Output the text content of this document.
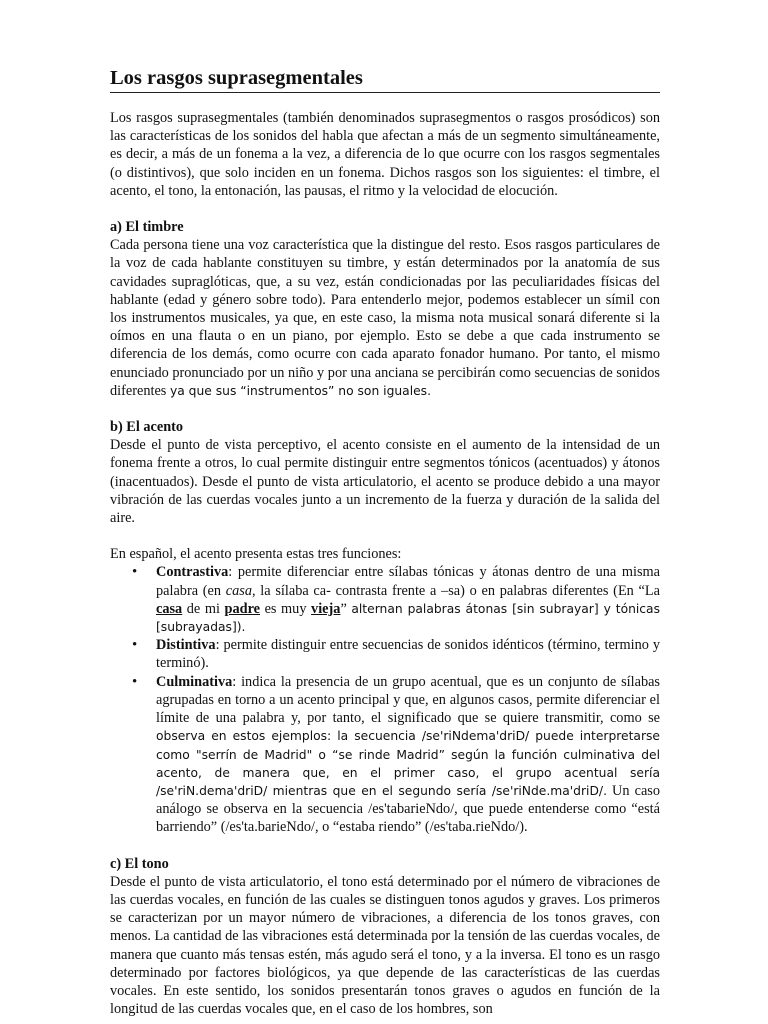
Los rasgos suprasegmentales

Los rasgos suprasegmentales (también denominados suprasegmentos o rasgos prosódicos) son las características de los sonidos del habla que afectan a más de un segmento simultáneamente, es decir, a más de un fonema a la vez, a diferencia de lo que ocurre con los rasgos segmentales (o distintivos), que solo inciden en un fonema. Dichos rasgos son los siguientes: el timbre, el acento, el tono, la entonación, las pausas, el ritmo y la velocidad de elocución.

a) El timbre

Cada persona tiene una voz característica que la distingue del resto. Esos rasgos particulares de la voz de cada hablante constituyen su timbre, y están determinados por la anatomía de sus cavidades supraglóticas, que, a su vez, están condicionadas por las peculiaridades físicas del hablante (edad y género sobre todo). Para entenderlo mejor, podemos establecer un símil con los instrumentos musicales, ya que, en este caso, la misma nota musical sonará diferente si la oímos en una flauta o en un piano, por ejemplo. Esto se debe a que cada instrumento se diferencia de los demás, como ocurre con cada aparato fonador humano. Por tanto, el mismo enunciado pronunciado por un niño y por una anciana se percibirán como secuencias de sonidos diferentes ya que sus “instrumentos” no son iguales.

b) El acento

Desde el punto de vista perceptivo, el acento consiste en el aumento de la intensidad de un fonema frente a otros, lo cual permite distinguir entre segmentos tónicos (acentuados) y átonos (inacentuados). Desde el punto de vista articulatorio, el acento se produce debido a una mayor vibración de las cuerdas vocales junto a un incremento de la fuerza y duración de la salida del aire.

En español, el acento presenta estas tres funciones:

• Contrastiva: permite diferenciar entre sílabas tónicas y átonas dentro de una misma palabra (en casa, la sílaba ca- contrasta frente a –sa) o en palabras diferentes (En “La casa de mi padre es muy vieja” alternan palabras átonas [sin subrayar] y tónicas [subrayadas]).
• Distintiva: permite distinguir entre secuencias de sonidos idénticos (término, termino y terminó).
• Culminativa: indica la presencia de un grupo acentual, que es un conjunto de sílabas agrupadas en torno a un acento principal y que, en algunos casos, permite diferenciar el límite de una palabra y, por tanto, el significado que se quiere transmitir, como se observa en estos ejemplos: la secuencia /se'riNdema'driD/ puede interpretarse como "serrín de Madrid" o “se rinde Madrid” según la función culminativa del acento, de manera que, en el primer caso, el grupo acentual sería /se'riN.dema'driD/ mientras que en el segundo sería /se'riNde.ma'driD/. Un caso análogo se observa en la secuencia /es'tabarieNdo/, que puede entenderse como “está barriendo” (/es'ta.barieNdo/, o “estaba riendo” (/es'taba.rieNdo/).
c) El tono

Desde el punto de vista articulatorio, el tono está determinado por el número de vibraciones de las cuerdas vocales, en función de las cuales se distinguen tonos agudos y graves. Los primeros se caracterizan por un mayor número de vibraciones, a diferencia de los tonos graves, con menos. La cantidad de las vibraciones está determinada por la tensión de las cuerdas vocales, de manera que cuanto más tensas estén, más agudo será el tono, y a la inversa. El tono es un rasgo determinado por factores biológicos, ya que depende de las características de las cuerdas vocales. En este sentido, los sonidos presentarán tonos graves o agudos en función de la longitud de las cuerdas vocales que, en el caso de los hombres, son
